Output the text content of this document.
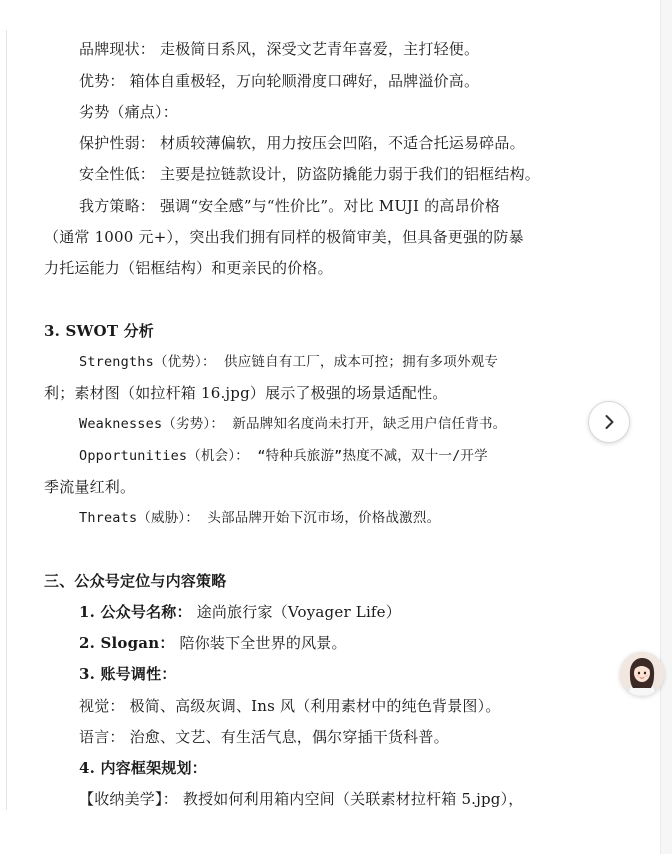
品牌现状： 走极简日系风，深受文艺青年喜爱，主打轻便。
优势： 箱体自重极轻，万向轮顺滑度口碑好，品牌溢价高。
劣势（痛点）：
保护性弱： 材质较薄偏软，用力按压会凹陷，不适合托运易碎品。
安全性低： 主要是拉链款设计，防盗防撬能力弱于我们的铝框结构。
我方策略： 强调“安全感”与“性价比”。对比 MUJI 的高昂价格
（通常 1000 元+），突出我们拥有同样的极简审美，但具备更强的防暴
力托运能力（铝框结构）和更亲民的价格。
3. SWOT 分析
Strengths（优势）： 供应链自有工厂，成本可控；拥有多项外观专
利；素材图（如拉杆箱 16.jpg）展示了极强的场景适配性。
Weaknesses（劣势）： 新品牌知名度尚未打开，缺乏用户信任背书。
Opportunities（机会）： “特种兵旅游”热度不减，双十一/开学
季流量红利。
Threats（威胁）： 头部品牌开始下沉市场，价格战激烈。
三、公众号定位与内容策略
1. 公众号名称： 途尚旅行家（Voyager Life）
2. Slogan： 陪你装下全世界的风景。
3. 账号调性：
视觉： 极简、高级灰调、Ins 风（利用素材中的纯色背景图）。
语言： 治愈、文艺、有生活气息，偶尔穿插干货科普。
4. 内容框架规划：
【收纳美学】： 教授如何利用箱内空间（关联素材拉杆箱 5.jpg），
